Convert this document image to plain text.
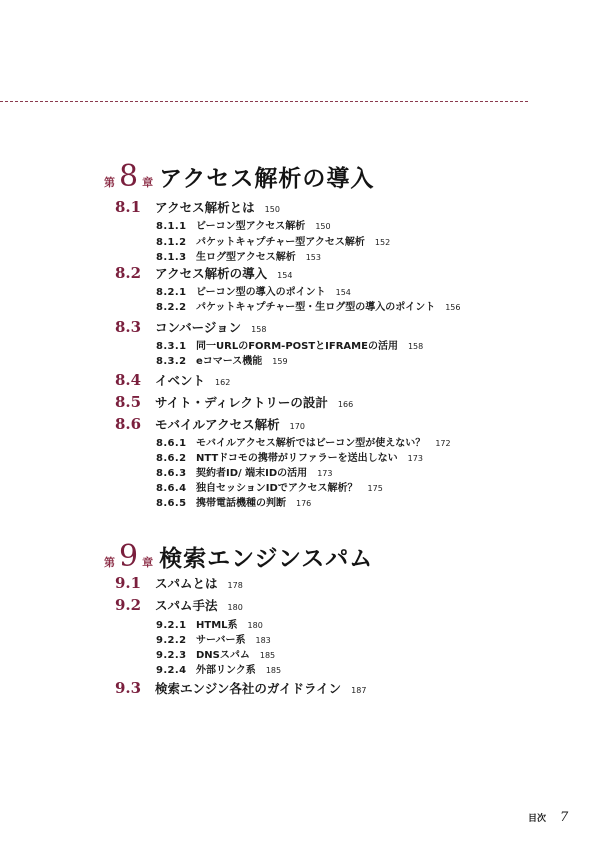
第 8 章 アクセス解析の導入
8.1	アクセス解析とは 150
8.1.1 ビーコン型アクセス解析 150
8.1.2 パケットキャプチャー型アクセス解析 152
8.1.3 生ログ型アクセス解析 153
8.2	アクセス解析の導入 154
8.2.1 ビーコン型の導入のポイント 154
8.2.2 パケットキャプチャー型・生ログ型の導入のポイント 156
8.3	コンバージョン 158
8.3.1 同一URLのFORM-POSTとIFRAMEの活用 158
8.3.2 eコマース機能 159
8.4	イベント 162
8.5	サイト・ディレクトリーの設計 166
8.6	モバイルアクセス解析 170
8.6.1 モバイルアクセス解析ではビーコン型が使えない？ 172
8.6.2 NTTドコモの携帯がリファラーを送出しない 173
8.6.3 契約者ID/ 端末IDの活用 173
8.6.4 独自セッションIDでアクセス解析？ 175
8.6.5 携帯電話機種の判断 176
第 9 章 検索エンジンスパム
9.1	スパムとは 178
9.2	スパム手法 180
9.2.1 HTML系 180
9.2.2 サーバー系 183
9.2.3 DNSスパム 185
9.2.4 外部リンク系 185
9.3	検索エンジン各社のガイドライン 187
目次 7
